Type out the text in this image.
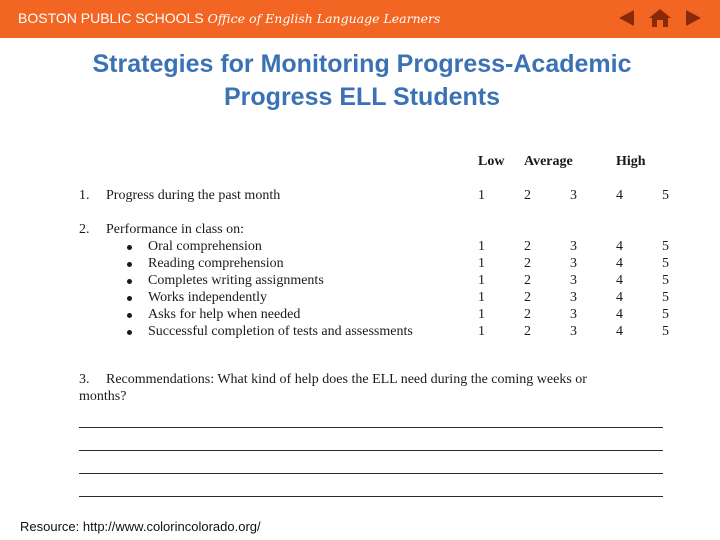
BOSTON PUBLIC SCHOOLS Office of English Language Learners
Strategies for Monitoring Progress-Academic
Progress ELL Students
Low Average	High
1. Progress during the past month	1	2	3	4	5
2. Performance in class on:
Oral comprehension	1	2	3	4	5
Reading comprehension	1	2	3	4	5
Completes writing assignments	1	2	3	4	5
Works independently	1	2	3	4	5
Asks for help when needed	1	2	3	4	5
Successful completion of tests and assessments	1	2	3	4	5
3. Recommendations: What kind of help does the ELL need during the coming weeks or
months?
Resource: http://www.colorincolorado.org/
